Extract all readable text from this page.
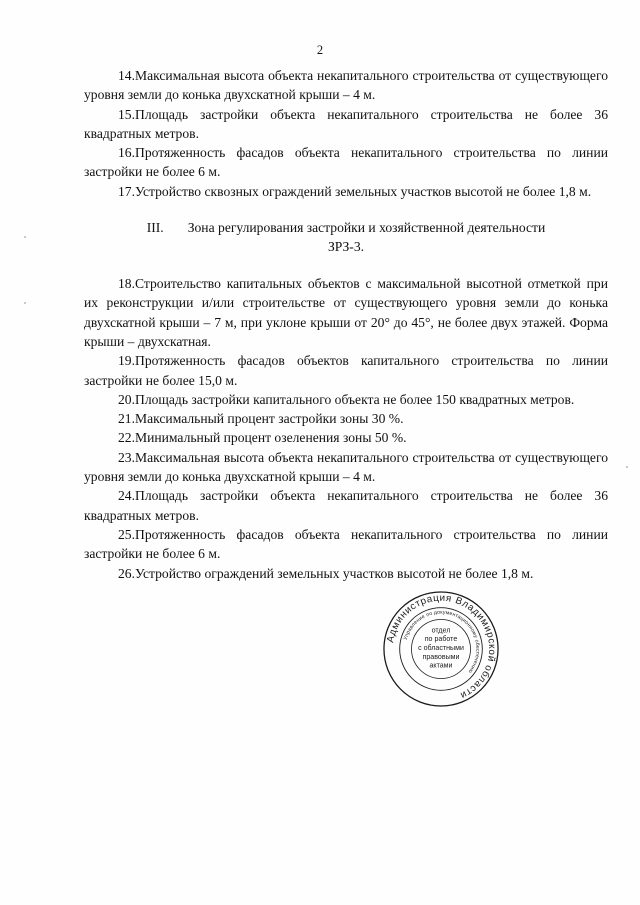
2

14.Максимальная высота объекта некапитального строительства от существующего уровня земли до конька двухскатной крыши – 4 м.

15.Площадь застройки объекта некапитального строительства не более 36 квадратных метров.

16.Протяженность фасадов объекта некапитального строительства по линии застройки не более 6 м.

17.Устройство сквозных ограждений земельных участков высотой не более 1,8 м.

III. Зона регулирования застройки и хозяйственной деятельности
ЗРЗ-3.

18.Строительство капитальных объектов с максимальной высотной отметкой при их реконструкции и/или строительстве от существующего уровня земли до конька двухскатной крыши – 7 м, при уклоне крыши от 20° до 45°, не более двух этажей. Форма крыши – двухскатная.

19.Протяженность фасадов объектов капитального строительства по линии застройки не более 15,0 м.

20.Площадь застройки капитального объекта не более 150 квадратных метров.

21.Максимальный процент застройки зоны 30 %.

22.Минимальный процент озеленения зоны 50 %.

23.Максимальная высота объекта некапитального строительства от существующего уровня земли до конька двухскатной крыши – 4 м.

24.Площадь застройки объекта некапитального строительства не более 36 квадратных метров.

25.Протяженность фасадов объекта некапитального строительства по линии застройки не более 6 м.

26.Устройство ограждений земельных участков высотой не более 1,8 м.

Администрация Владимирской области
Управление по документационному обеспечению
отдел
по работе
с областными
правовыми
актами
